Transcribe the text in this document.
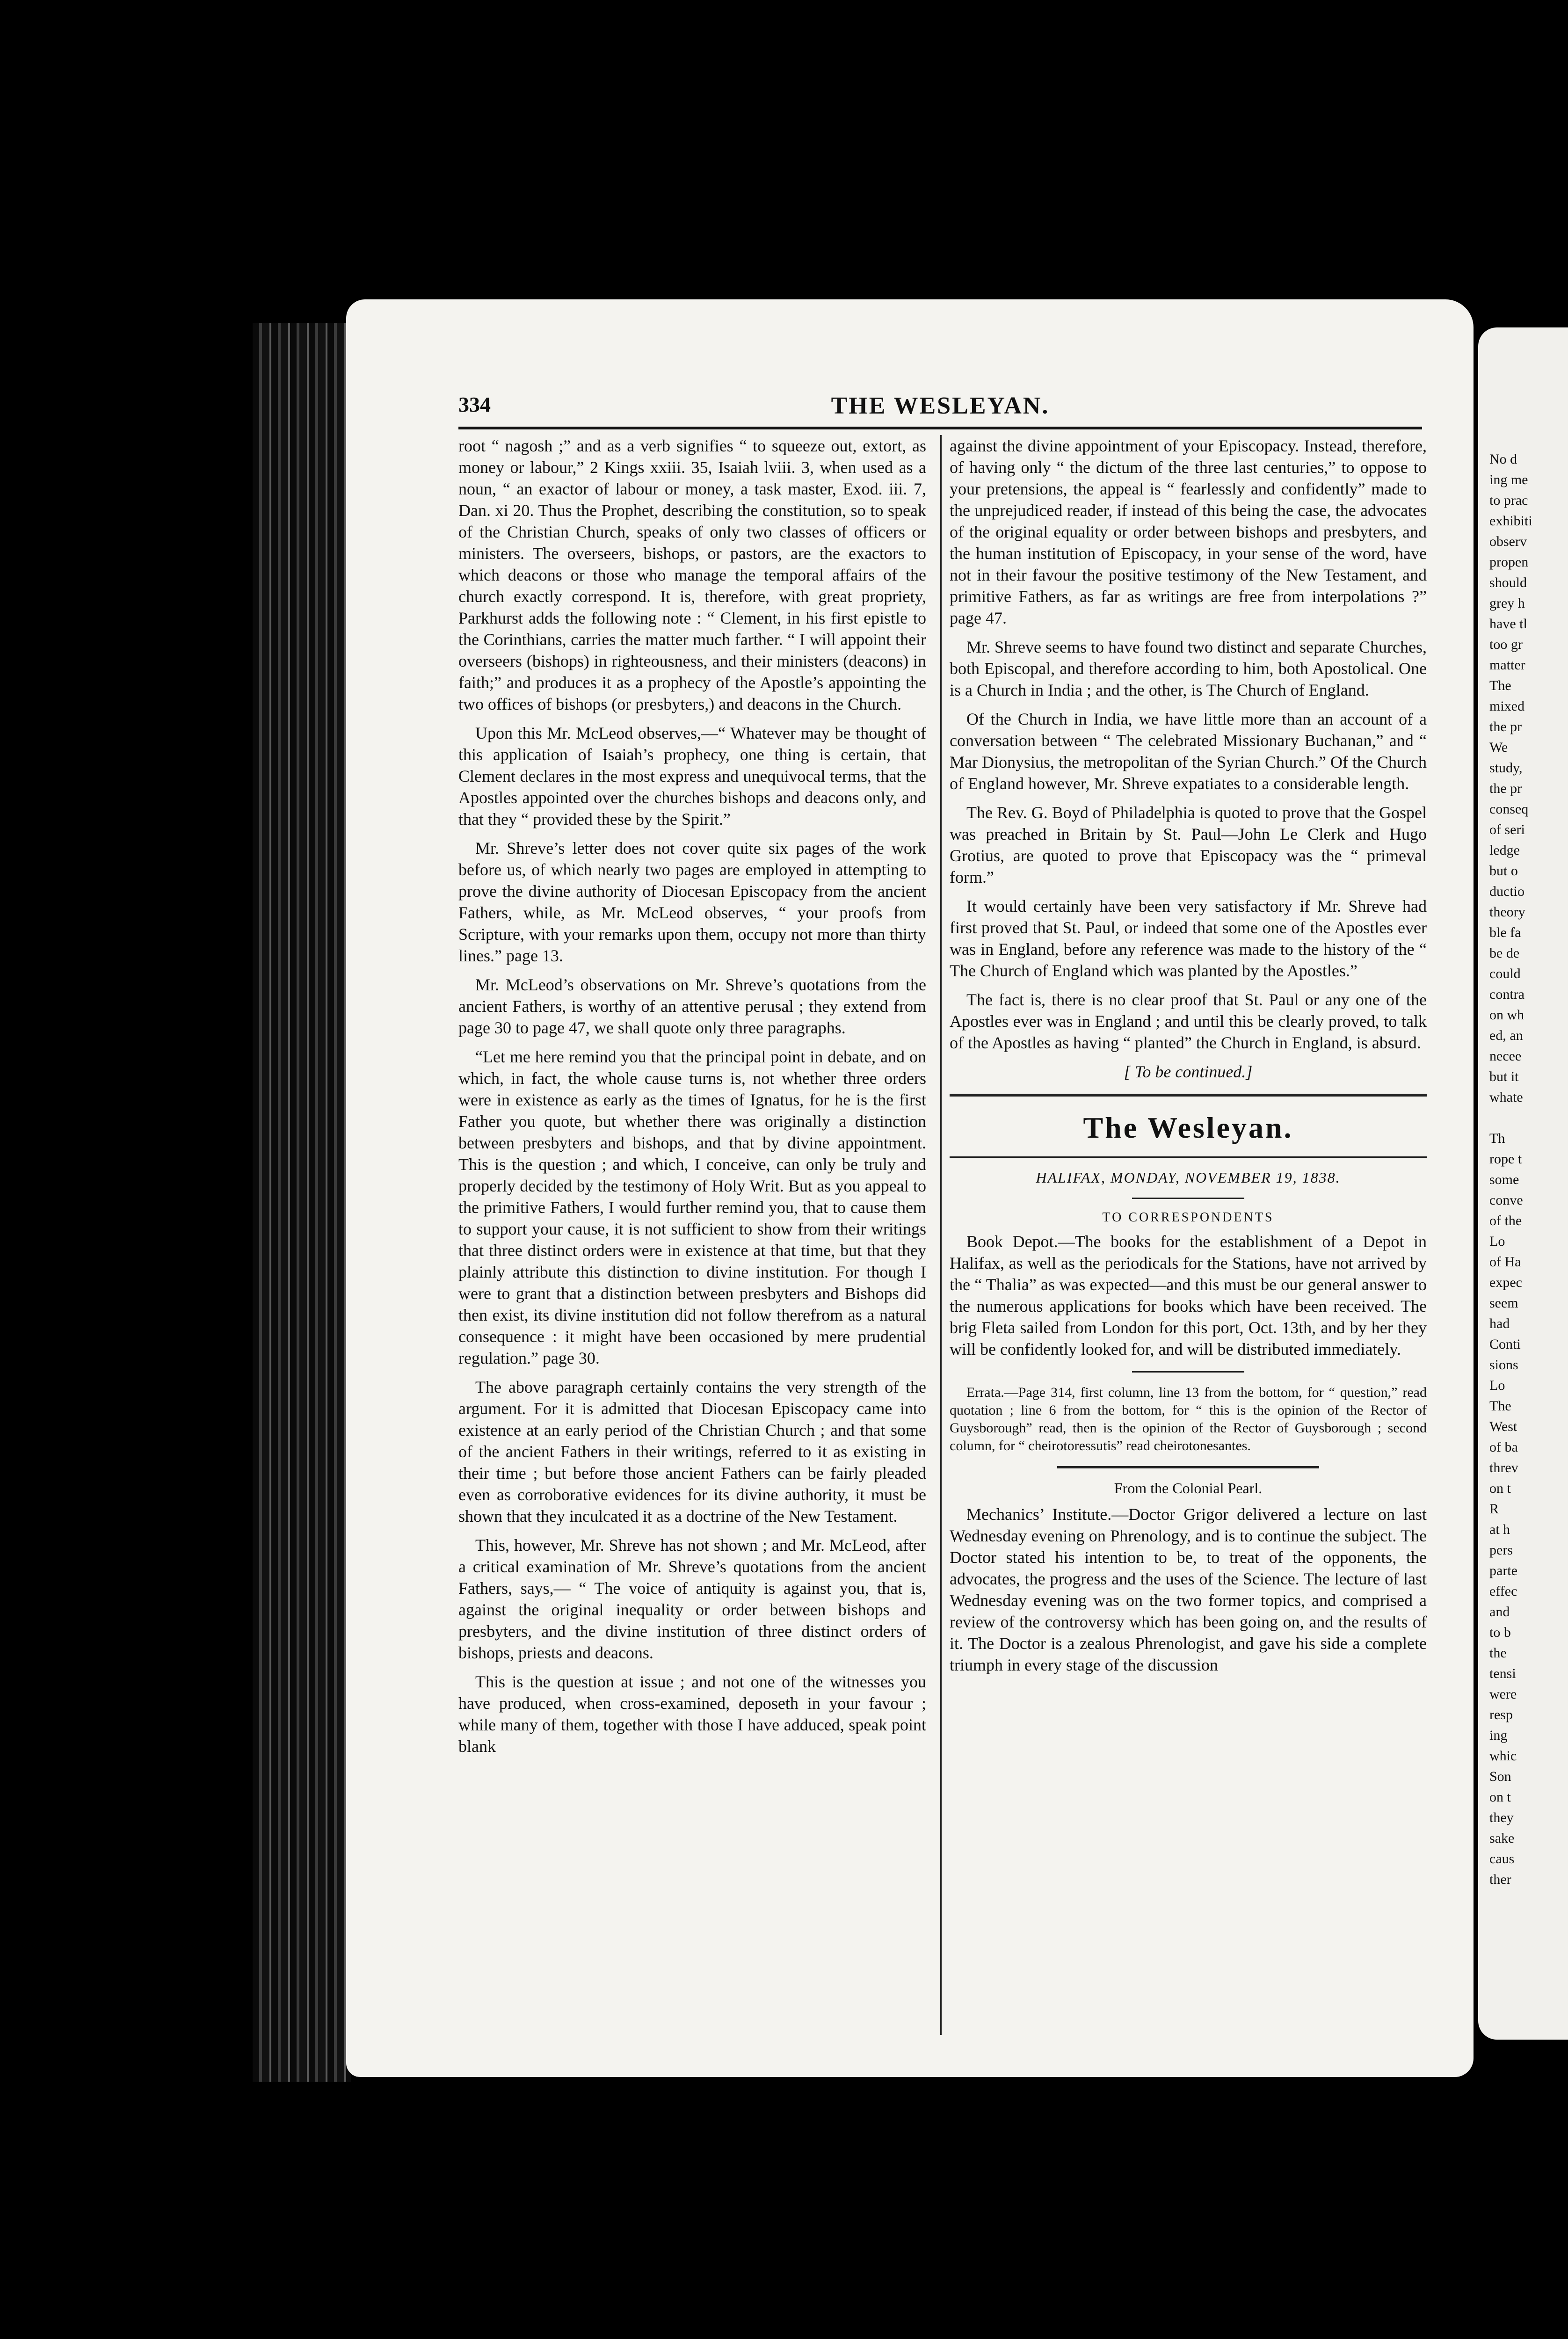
No d
ing me
to prac
exhibiti
observ
propen
should
grey h
have tl
too gr
matter
The
mixed
the pr
We
study,
the pr
conseq
of seri
ledge
but o
ductio
theory
ble fa
be de
could
contra
on wh
ed, an
necee
but it
whate
Th
rope t
some
conve
of the
Lo
of Ha
expec
seem
had
Conti
sions
Lo
The
West
of ba
threv
on t
R
at h
pers
parte
effec
and
to b
the
tensi
were
resp
ing
whic
Son
on t
they
sake
caus
ther
334	THE WESLEYAN.

root “ nagosh ;” and as a verb signifies “ to squeeze out, extort, as money or labour,” 2 Kings xxiii. 35, Isaiah lviii. 3, when used as a noun, “ an exactor of labour or money, a task master, Exod. iii. 7, Dan. xi 20. Thus the Prophet, describing the constitution, so to speak of the Christian Church, speaks of only two classes of officers or ministers. The overseers, bishops, or pastors, are the exactors to which deacons or those who manage the temporal affairs of the church exactly correspond. It is, therefore, with great propriety, Parkhurst adds the following note : “ Clement, in his first epistle to the Corinthians, carries the matter much farther. “ I will appoint their overseers (bishops) in righteousness, and their ministers (deacons) in faith;” and produces it as a prophecy of the Apostle’s appointing the two offices of bishops (or presbyters,) and deacons in the Church.

Upon this Mr. McLeod observes,—“ Whatever may be thought of this application of Isaiah’s prophecy, one thing is certain, that Clement declares in the most express and unequivocal terms, that the Apostles appointed over the churches bishops and deacons only, and that they “ provided these by the Spirit.”

Mr. Shreve’s letter does not cover quite six pages of the work before us, of which nearly two pages are employed in attempting to prove the divine authority of Diocesan Episcopacy from the ancient Fathers, while, as Mr. McLeod observes, “ your proofs from Scripture, with your remarks upon them, occupy not more than thirty lines.” page 13.

Mr. McLeod’s observations on Mr. Shreve’s quotations from the ancient Fathers, is worthy of an attentive perusal ; they extend from page 30 to page 47, we shall quote only three paragraphs.

“Let me here remind you that the principal point in debate, and on which, in fact, the whole cause turns is, not whether three orders were in existence as early as the times of Ignatus, for he is the first Father you quote, but whether there was originally a distinction between presbyters and bishops, and that by divine appointment. This is the question ; and which, I conceive, can only be truly and properly decided by the testimony of Holy Writ. But as you appeal to the primitive Fathers, I would further remind you, that to cause them to support your cause, it is not sufficient to show from their writings that three distinct orders were in existence at that time, but that they plainly attribute this distinction to divine institution. For though I were to grant that a distinction between presbyters and Bishops did then exist, its divine institution did not follow therefrom as a natural consequence : it might have been occasioned by mere prudential regulation.” page 30.

The above paragraph certainly contains the very strength of the argument. For it is admitted that Diocesan Episcopacy came into existence at an early period of the Christian Church ; and that some of the ancient Fathers in their writings, referred to it as existing in their time ; but before those ancient Fathers can be fairly pleaded even as corroborative evidences for its divine authority, it must be shown that they inculcated it as a doctrine of the New Testament.

This, however, Mr. Shreve has not shown ; and Mr. McLeod, after a critical examination of Mr. Shreve’s quotations from the ancient Fathers, says,— “ The voice of antiquity is against you, that is, against the original inequality or order between bishops and presbyters, and the divine institution of three distinct orders of bishops, priests and deacons.

This is the question at issue ; and not one of the witnesses you have produced, when cross-examined, deposeth in your favour ; while many of them, together with those I have adduced, speak point blank

against the divine appointment of your Episcopacy. Instead, therefore, of having only “ the dictum of the three last centuries,” to oppose to your pretensions, the appeal is “ fearlessly and confidently” made to the unprejudiced reader, if instead of this being the case, the advocates of the original equality or order between bishops and presbyters, and the human institution of Episcopacy, in your sense of the word, have not in their favour the positive testimony of the New Testament, and primitive Fathers, as far as writings are free from interpolations ?” page 47.

Mr. Shreve seems to have found two distinct and separate Churches, both Episcopal, and therefore according to him, both Apostolical. One is a Church in India ; and the other, is The Church of England.

Of the Church in India, we have little more than an account of a conversation between “ The celebrated Missionary Buchanan,” and “ Mar Dionysius, the metropolitan of the Syrian Church.” Of the Church of England however, Mr. Shreve expatiates to a considerable length.

The Rev. G. Boyd of Philadelphia is quoted to prove that the Gospel was preached in Britain by St. Paul—John Le Clerk and Hugo Grotius, are quoted to prove that Episcopacy was the “ primeval form.”

It would certainly have been very satisfactory if Mr. Shreve had first proved that St. Paul, or indeed that some one of the Apostles ever was in England, before any reference was made to the history of the “ The Church of England which was planted by the Apostles.”

The fact is, there is no clear proof that St. Paul or any one of the Apostles ever was in England ; and until this be clearly proved, to talk of the Apostles as having “ planted” the Church in England, is absurd.

[ To be continued.]

The Wesleyan.
HALIFAX, MONDAY, NOVEMBER 19, 1838.
TO CORRESPONDENTS

Book Depot.—The books for the establishment of a Depot in Halifax, as well as the periodicals for the Stations, have not arrived by the “ Thalia” as was expected—and this must be our general answer to the numerous applications for books which have been received. The brig Fleta sailed from London for this port, Oct. 13th, and by her they will be confidently looked for, and will be distributed immediately.

Errata.—Page 314, first column, line 13 from the bottom, for “ question,” read quotation ; line 6 from the bottom, for “ this is the opinion of the Rector of Guysborough” read, then is the opinion of the Rector of Guysborough ; second column, for “ cheirotoressutis” read cheirotonesantes.

From the Colonial Pearl.

Mechanics’ Institute.—Doctor Grigor delivered a lecture on last Wednesday evening on Phrenology, and is to continue the subject. The Doctor stated his intention to be, to treat of the opponents, the advocates, the progress and the uses of the Science. The lecture of last Wednesday evening was on the two former topics, and comprised a review of the controversy which has been going on, and the results of it. The Doctor is a zealous Phrenologist, and gave his side a complete triumph in every stage of the discussion
